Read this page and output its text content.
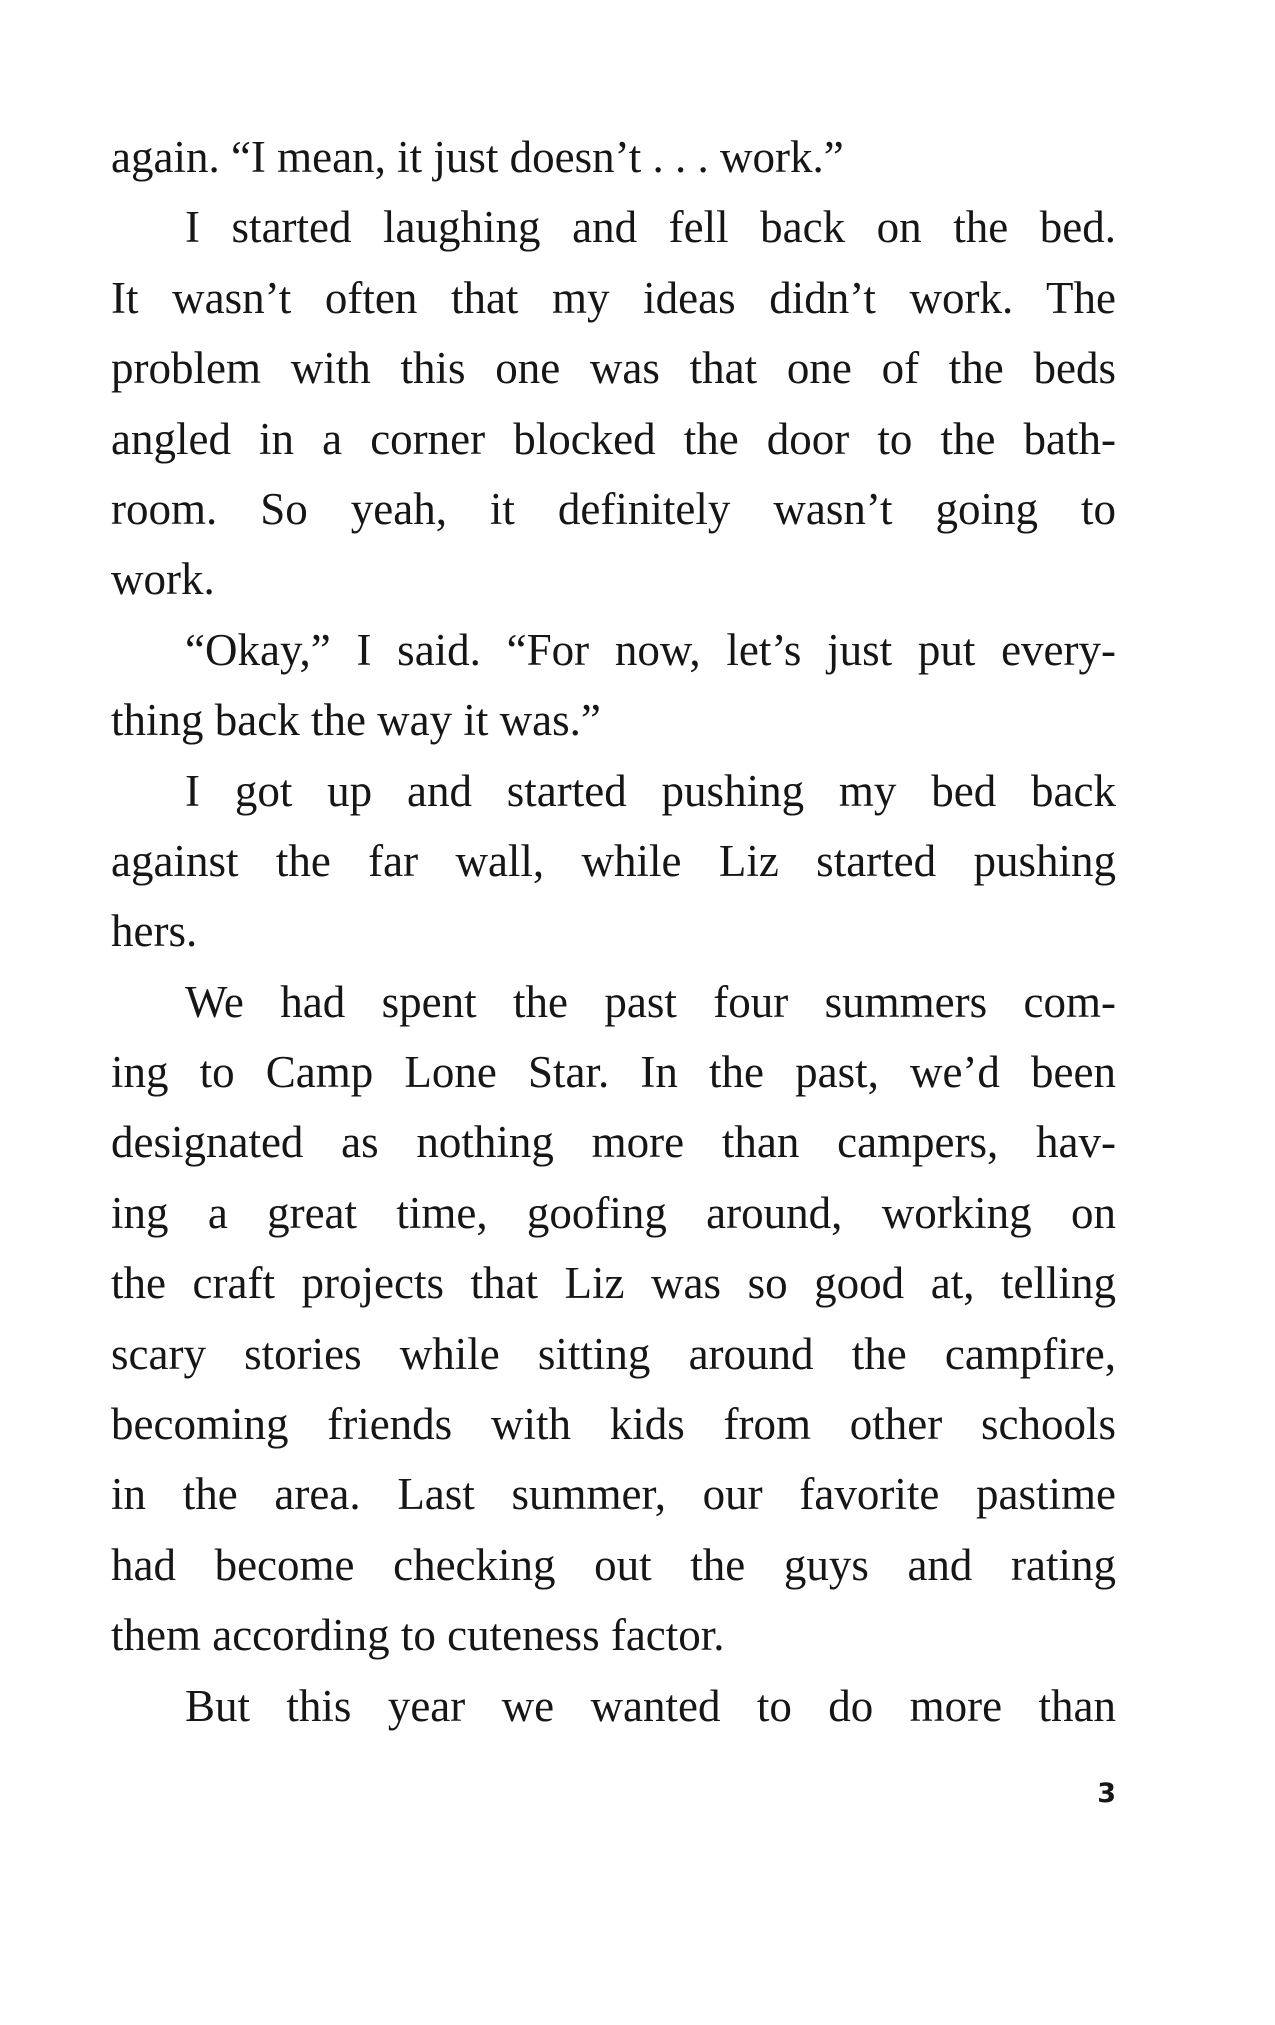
again. “I mean, it just doesn’t . . . work.”
I started laughing and fell back on the bed.
It wasn’t often that my ideas didn’t work. The
problem with this one was that one of the beds
angled in a corner blocked the door to the bath-
room. So yeah, it definitely wasn’t going to
work.
“Okay,” I said. “For now, let’s just put every-
thing back the way it was.”
I got up and started pushing my bed back
against the far wall, while Liz started pushing
hers.
We had spent the past four summers com-
ing to Camp Lone Star. In the past, we’d been
designated as nothing more than campers, hav-
ing a great time, goofing around, working on
the craft projects that Liz was so good at, telling
scary stories while sitting around the campfire,
becoming friends with kids from other schools
in the area. Last summer, our favorite pastime
had become checking out the guys and rating
them according to cuteness factor.
But this year we wanted to do more than
3
